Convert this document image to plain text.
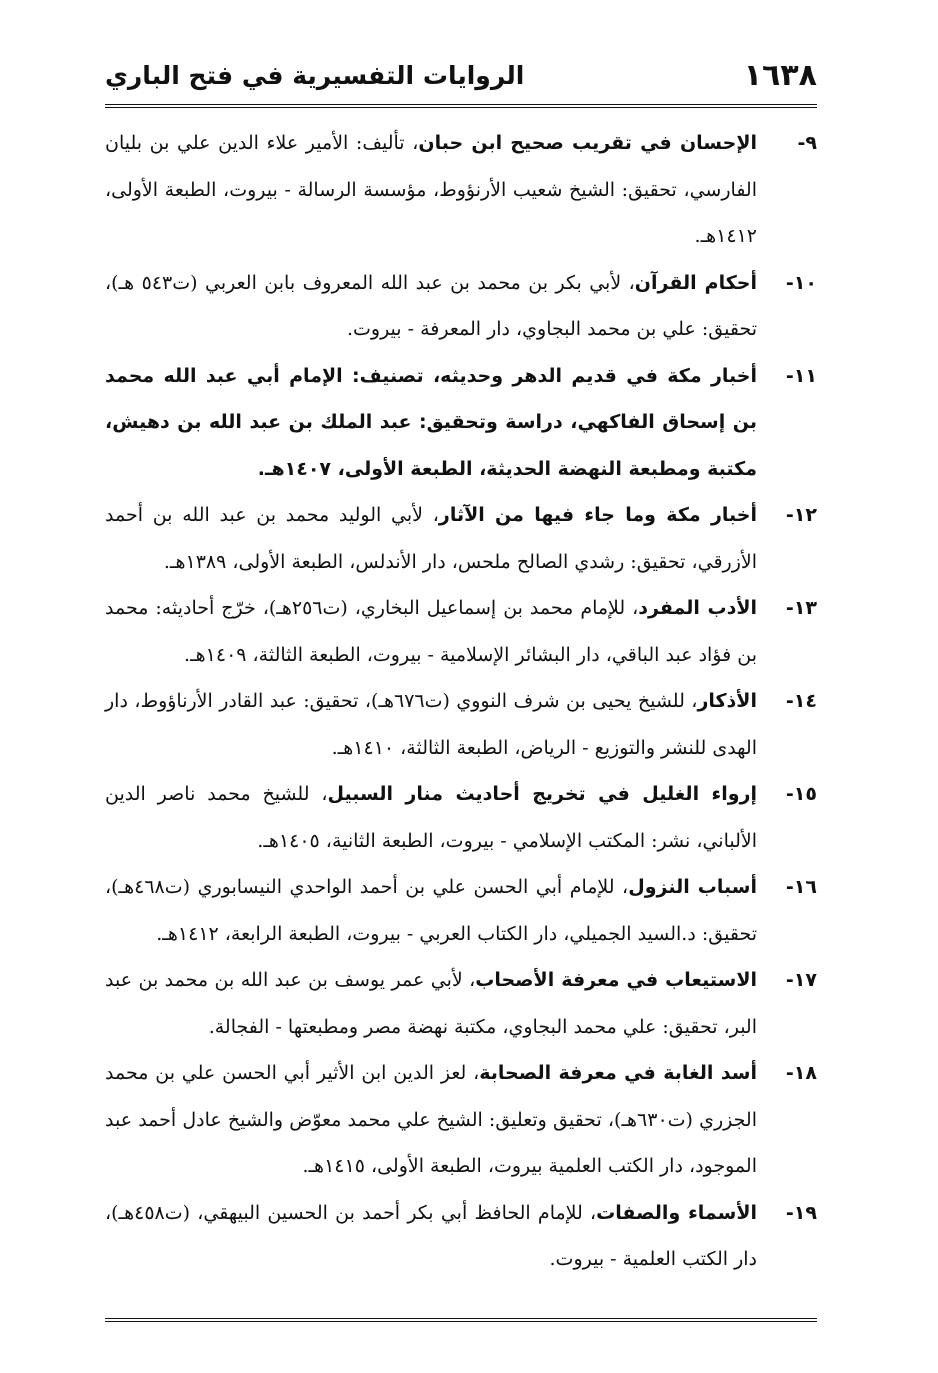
١٦٣٨
الروايات التفسيرية في فتح الباري

٩-
الإحسان في تقريب صحيح ابن حبان، تأليف: الأمير علاء الدين علي بن بليان الفارسي، تحقيق: الشيخ شعيب الأرنؤوط، مؤسسة الرسالة - بيروت، الطبعة الأولى، ١٤١٢هـ.

١٠-
أحكام القرآن، لأبي بكر بن محمد بن عبد الله المعروف بابن العربي (ت٥٤٣ هـ)، تحقيق: علي بن محمد البجاوي، دار المعرفة - بيروت.

١١-
أخبار مكة في قديم الدهر وحديثه، تصنيف: الإمام أبي عبد الله محمد بن إسحاق الفاكهي، دراسة وتحقيق: عبد الملك بن عبد الله بن دهيش، مكتبة ومطبعة النهضة الحديثة، الطبعة الأولى، ١٤٠٧هـ.

١٢-
أخبار مكة وما جاء فيها من الآثار، لأبي الوليد محمد بن عبد الله بن أحمد الأزرقي، تحقيق: رشدي الصالح ملحس، دار الأندلس، الطبعة الأولى، ١٣٨٩هـ.

١٣-
الأدب المفرد، للإمام محمد بن إسماعيل البخاري، (ت٢٥٦هـ)، خرّج أحاديثه: محمد بن فؤاد عبد الباقي، دار البشائر الإسلامية - بيروت، الطبعة الثالثة، ١٤٠٩هـ.

١٤-
الأذكار، للشيخ يحيى بن شرف النووي (ت٦٧٦هـ)، تحقيق: عبد القادر الأرناؤوط، دار الهدى للنشر والتوزيع - الرياض، الطبعة الثالثة، ١٤١٠هـ.

١٥-
إرواء الغليل في تخريج أحاديث منار السبيل، للشيخ محمد ناصر الدين الألباني، نشر: المكتب الإسلامي - بيروت، الطبعة الثانية، ١٤٠٥هـ.

١٦-
أسباب النزول، للإمام أبي الحسن علي بن أحمد الواحدي النيسابوري (ت٤٦٨هـ)، تحقيق: د.السيد الجميلي، دار الكتاب العربي - بيروت، الطبعة الرابعة، ١٤١٢هـ.

١٧-
الاستيعاب في معرفة الأصحاب، لأبي عمر يوسف بن عبد الله بن محمد بن عبد البر، تحقيق: علي محمد البجاوي، مكتبة نهضة مصر ومطبعتها - الفجالة.

١٨-
أسد الغابة في معرفة الصحابة، لعز الدين ابن الأثير أبي الحسن علي بن محمد الجزري (ت٦٣٠هـ)، تحقيق وتعليق: الشيخ علي محمد معوّض والشيخ عادل أحمد عبد الموجود، دار الكتب العلمية بيروت، الطبعة الأولى، ١٤١٥هـ.

١٩-
الأسماء والصفات، للإمام الحافظ أبي بكر أحمد بن الحسين البيهقي، (ت٤٥٨هـ)، دار الكتب العلمية - بيروت.
